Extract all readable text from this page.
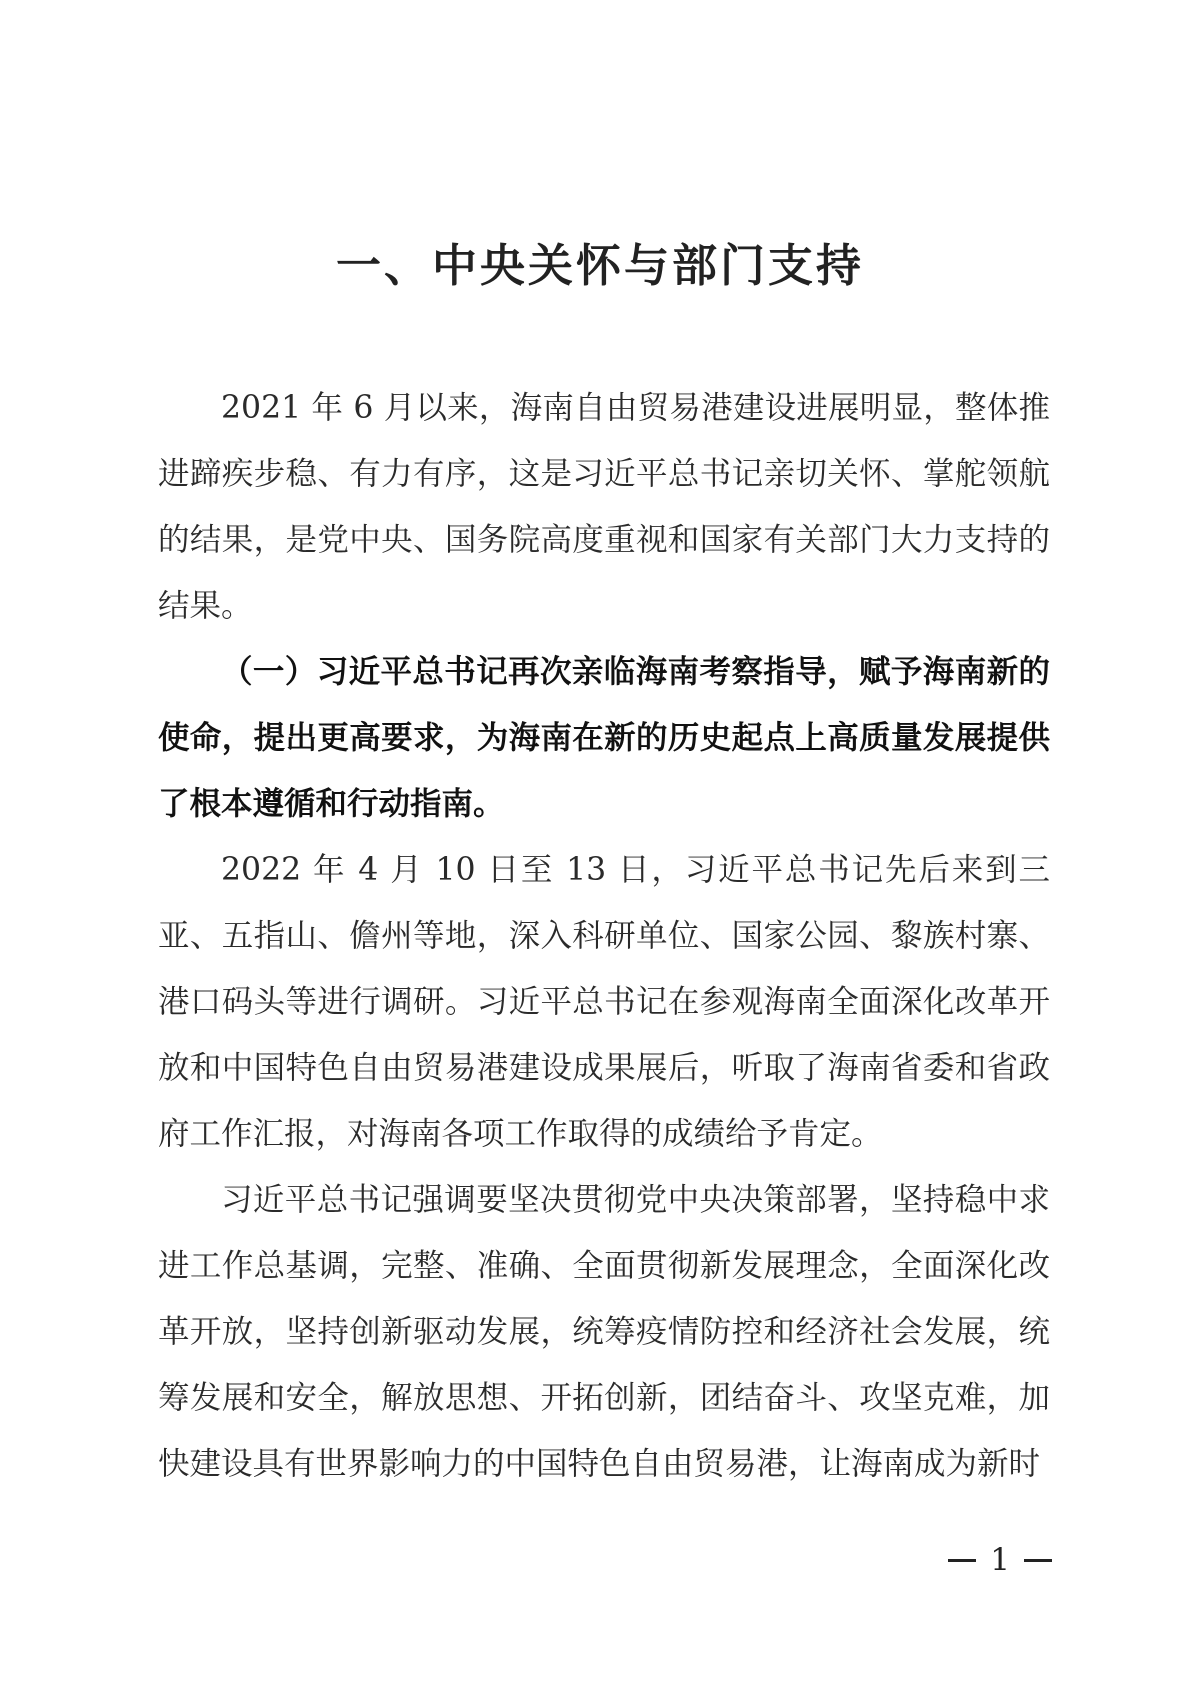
一、中央关怀与部门支持

2021 年 6 月以来，海南自由贸易港建设进展明显，整体推进蹄疾步稳、有力有序，这是习近平总书记亲切关怀、掌舵领航的结果，是党中央、国务院高度重视和国家有关部门大力支持的结果。

（一）习近平总书记再次亲临海南考察指导，赋予海南新的使命，提出更高要求，为海南在新的历史起点上高质量发展提供了根本遵循和行动指南。

2022 年 4 月 10 日至 13 日，习近平总书记先后来到三亚、五指山、儋州等地，深入科研单位、国家公园、黎族村寨、港口码头等进行调研。习近平总书记在参观海南全面深化改革开放和中国特色自由贸易港建设成果展后，听取了海南省委和省政府工作汇报，对海南各项工作取得的成绩给予肯定。

习近平总书记强调要坚决贯彻党中央决策部署，坚持稳中求进工作总基调，完整、准确、全面贯彻新发展理念，全面深化改革开放，坚持创新驱动发展，统筹疫情防控和经济社会发展，统筹发展和安全，解放思想、开拓创新，团结奋斗、攻坚克难，加快建设具有世界影响力的中国特色自由贸易港，让海南成为新时

1
